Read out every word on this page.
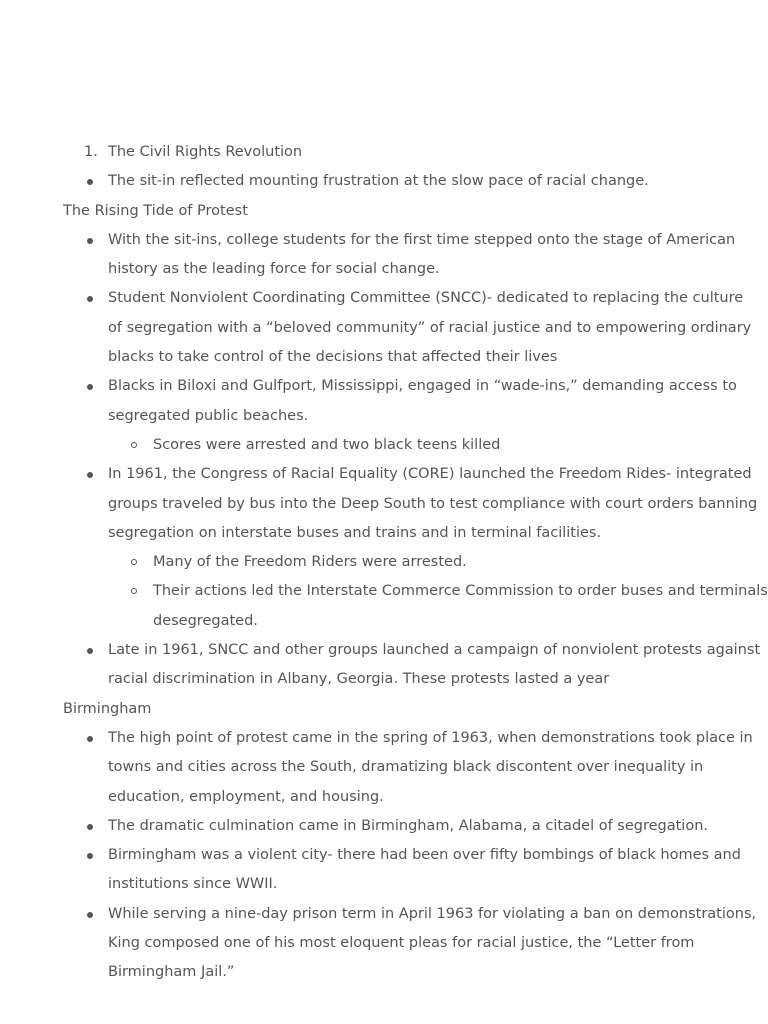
1. The Civil Rights Revolution
The sit-in reflected mounting frustration at the slow pace of racial change.
The Rising Tide of Protest
With the sit-ins, college students for the first time stepped onto the stage of American
history as the leading force for social change.
Student Nonviolent Coordinating Committee (SNCC)- dedicated to replacing the culture
of segregation with a “beloved community” of racial justice and to empowering ordinary
blacks to take control of the decisions that affected their lives
Blacks in Biloxi and Gulfport, Mississippi, engaged in “wade-ins,” demanding access to
segregated public beaches.
Scores were arrested and two black teens killed
In 1961, the Congress of Racial Equality (CORE) launched the Freedom Rides- integrated
groups traveled by bus into the Deep South to test compliance with court orders banning
segregation on interstate buses and trains and in terminal facilities.
Many of the Freedom Riders were arrested.
Their actions led the Interstate Commerce Commission to order buses and terminals
desegregated.
Late in 1961, SNCC and other groups launched a campaign of nonviolent protests against
racial discrimination in Albany, Georgia. These protests lasted a year
Birmingham
The high point of protest came in the spring of 1963, when demonstrations took place in
towns and cities across the South, dramatizing black discontent over inequality in
education, employment, and housing.
The dramatic culmination came in Birmingham, Alabama, a citadel of segregation.
Birmingham was a violent city- there had been over fifty bombings of black homes and
institutions since WWII.
While serving a nine-day prison term in April 1963 for violating a ban on demonstrations,
King composed one of his most eloquent pleas for racial justice, the “Letter from
Birmingham Jail.”
